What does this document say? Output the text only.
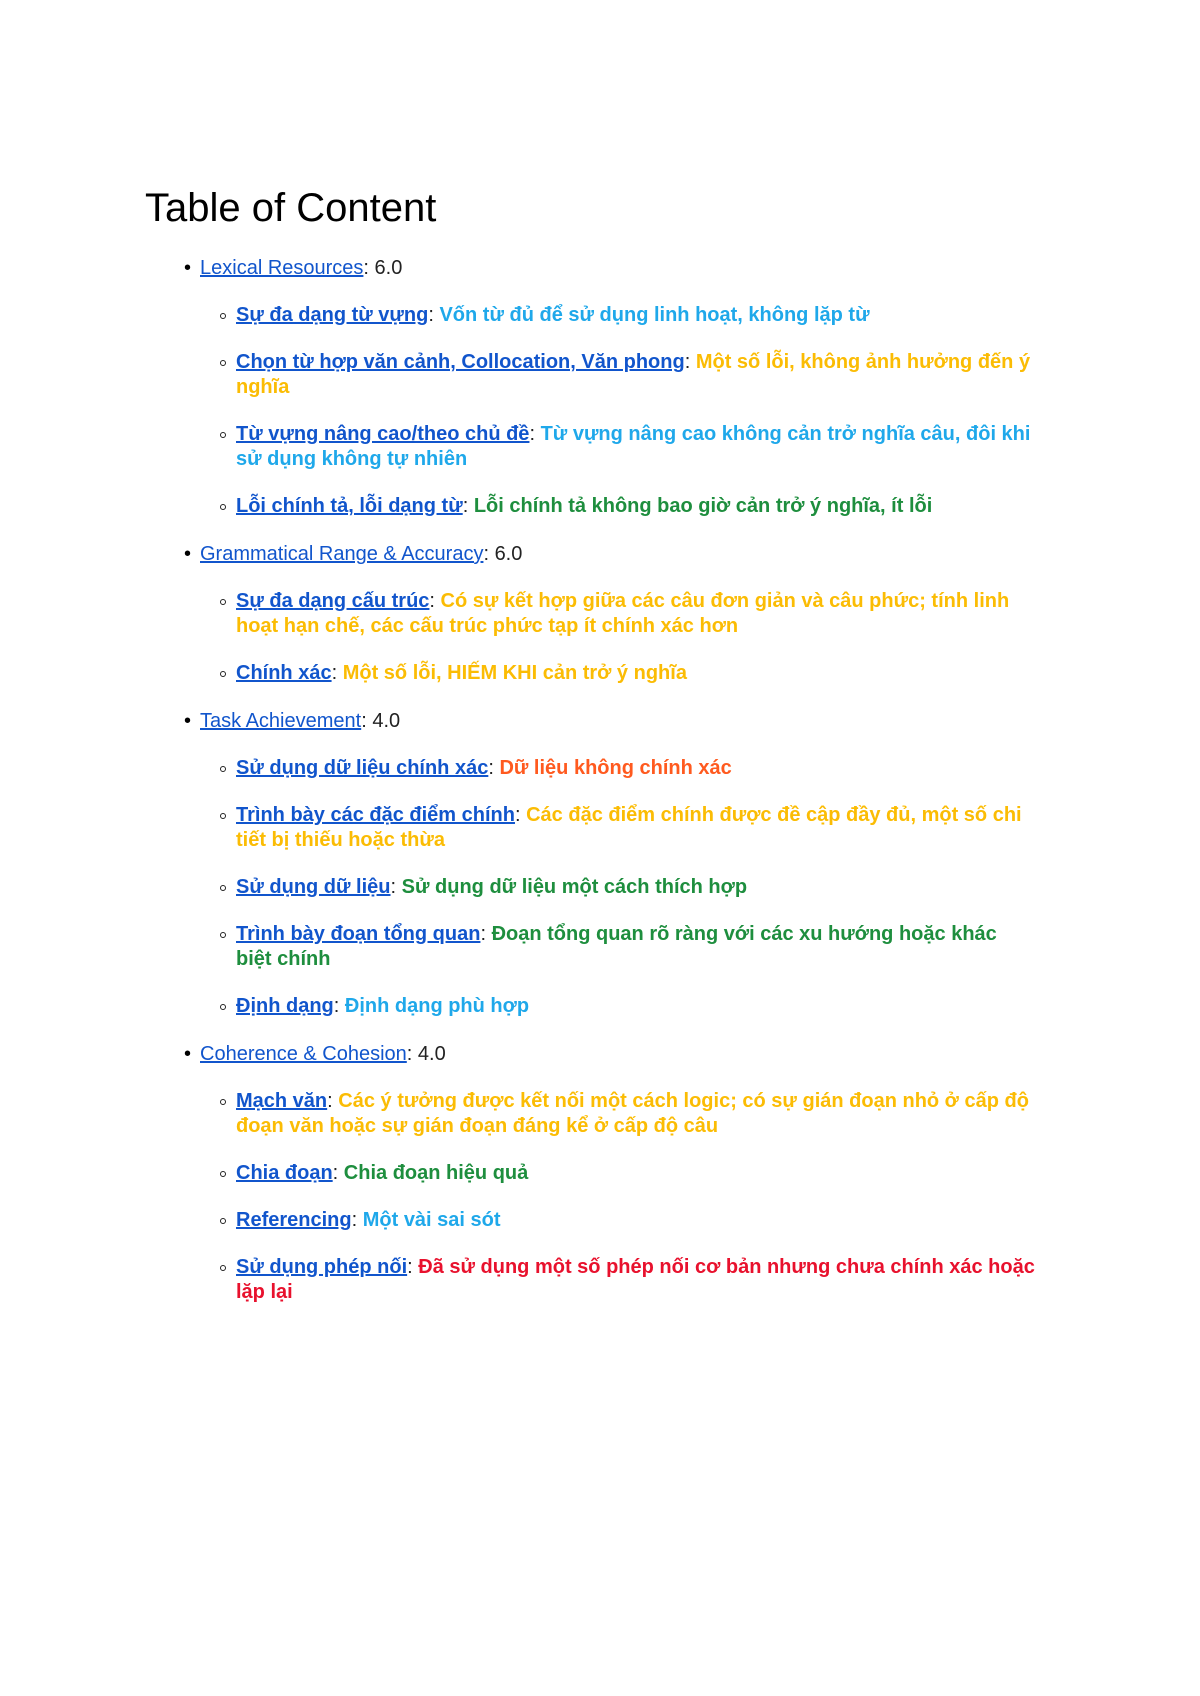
Table of Content
• Lexical Resources: 6.0
Sự đa dạng từ vựng: Vốn từ đủ để sử dụng linh hoạt, không lặp từ
Chọn từ hợp văn cảnh, Collocation, Văn phong: Một số lỗi, không ảnh hưởng đến ý nghĩa
Từ vựng nâng cao/theo chủ đề: Từ vựng nâng cao không cản trở nghĩa câu, đôi khi sử dụng không tự nhiên
Lỗi chính tả, lỗi dạng từ: Lỗi chính tả không bao giờ cản trở ý nghĩa, ít lỗi
• Grammatical Range & Accuracy: 6.0
Sự đa dạng cấu trúc: Có sự kết hợp giữa các câu đơn giản và câu phức; tính linh hoạt hạn chế, các cấu trúc phức tạp ít chính xác hơn
Chính xác: Một số lỗi, HIẾM KHI cản trở ý nghĩa
• Task Achievement: 4.0
Sử dụng dữ liệu chính xác: Dữ liệu không chính xác
Trình bày các đặc điểm chính: Các đặc điểm chính được đề cập đầy đủ, một số chi tiết bị thiếu hoặc thừa
Sử dụng dữ liệu: Sử dụng dữ liệu một cách thích hợp
Trình bày đoạn tổng quan: Đoạn tổng quan rõ ràng với các xu hướng hoặc khác biệt chính
Định dạng: Định dạng phù hợp
• Coherence & Cohesion: 4.0
Mạch văn: Các ý tưởng được kết nối một cách logic; có sự gián đoạn nhỏ ở cấp độ đoạn văn hoặc sự gián đoạn đáng kể ở cấp độ câu
Chia đoạn: Chia đoạn hiệu quả
Referencing: Một vài sai sót
Sử dụng phép nối: Đã sử dụng một số phép nối cơ bản nhưng chưa chính xác hoặc lặp lại
